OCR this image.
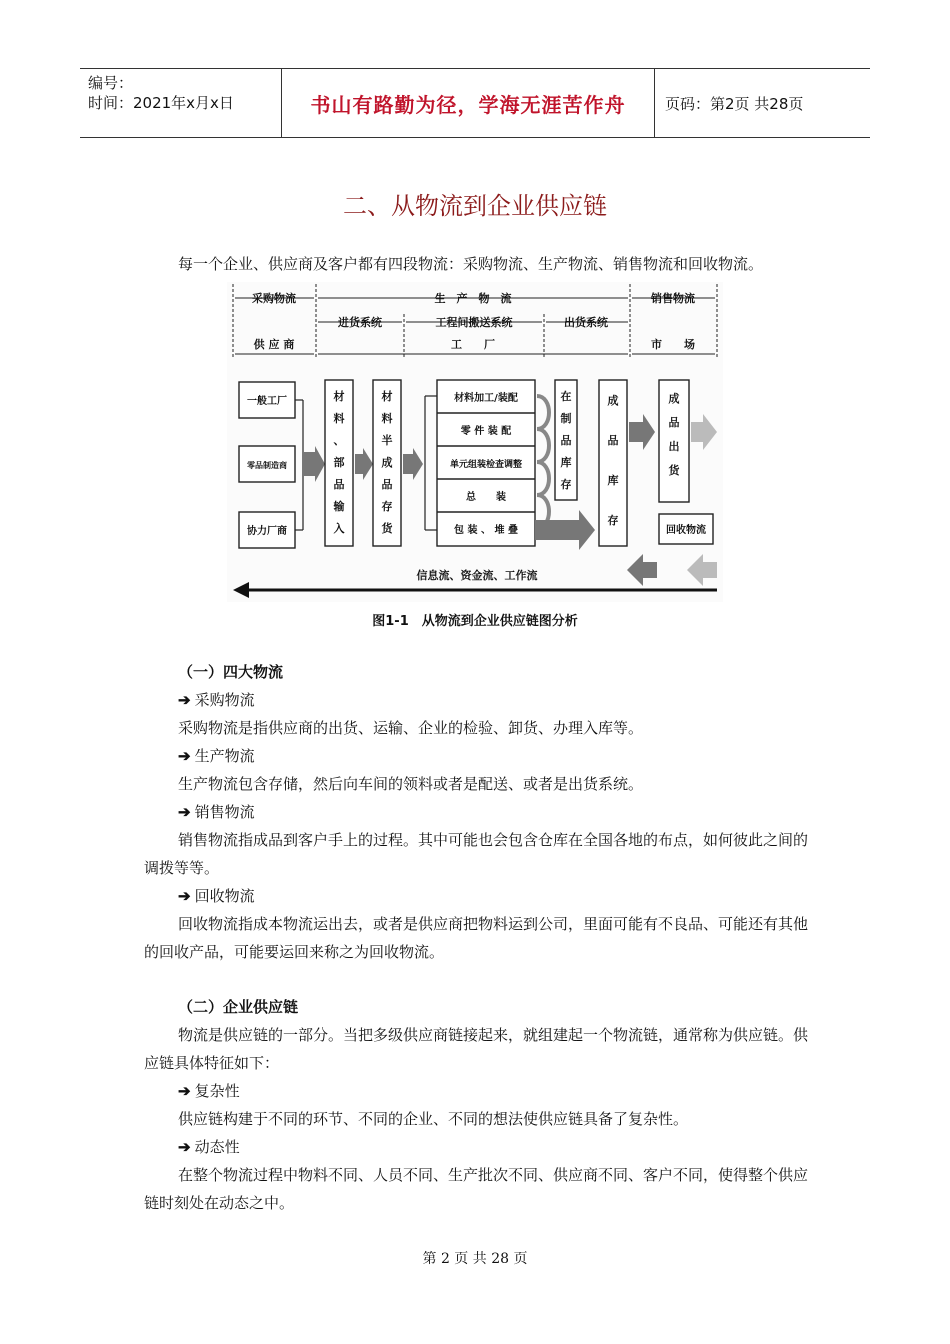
编号：
时间：2021年x月x日	书山有路勤为径，学海无涯苦作舟	页码：第2页 共28页
二、从物流到企业供应链
每一个企业、供应商及客户都有四段物流：采购物流、生产物流、销售物流和回收物流。
采购物流	生　产　物　流	销售物流
进货系统	工程间搬送系统	出货系统
供 应 商	工　　厂	市　　场
一般工厂
零品制造商
协力厂商
材
料
、
部
品
输
入
材
料
半
成
品
存
货
材料加工/装配
零 件 装 配
单元组装检查调整
总　　装
包 装 、 堆 叠
在
制
品
库
存
成
品
库
存
成
品
出
货
回收物流
信息流、资金流、工作流
图1-1　从物流到企业供应链图分析
（一）四大物流
➔ 采购物流
采购物流是指供应商的出货、运输、企业的检验、卸货、办理入库等。
➔ 生产物流
生产物流包含存储，然后向车间的领料或者是配送、或者是出货系统。
➔ 销售物流
销售物流指成品到客户手上的过程。其中可能也会包含仓库在全国各地的布点，如何彼此之间的调拨等等。
➔ 回收物流
回收物流指成本物流运出去，或者是供应商把物料运到公司，里面可能有不良品、可能还有其他的回收产品，可能要运回来称之为回收物流。
（二）企业供应链
物流是供应链的一部分。当把多级供应商链接起来，就组建起一个物流链，通常称为供应链。供应链具体特征如下：
➔ 复杂性
供应链构建于不同的环节、不同的企业、不同的想法使供应链具备了复杂性。
➔ 动态性
在整个物流过程中物料不同、人员不同、生产批次不同、供应商不同、客户不同，使得整个供应链时刻处在动态之中。
第 2 页 共 28 页
